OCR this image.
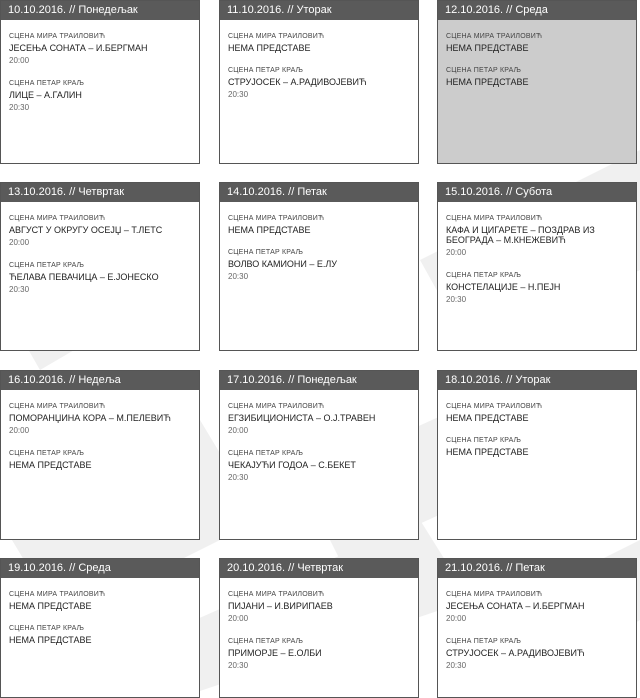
10.10.2016. // Понедељак
СЦЕНА МИРА ТРАИЛОВИЋ
ЈЕСЕЊА СОНАТА – И.БЕРГМАН
20:00
СЦЕНА ПЕТАР КРАЉ
ЛИЦЕ – А.ГАЛИН
20:30
11.10.2016. // Уторак
СЦЕНА МИРА ТРАИЛОВИЋ
НЕМА ПРЕДСТАВЕ
СЦЕНА ПЕТАР КРАЉ
СТРУЈОСЕК – А.РАДИВОЈЕВИЋ
20:30
12.10.2016. // Среда
СЦЕНА МИРА ТРАИЛОВИЋ
НЕМА ПРЕДСТАВЕ
СЦЕНА ПЕТАР КРАЉ
НЕМА ПРЕДСТАВЕ
13.10.2016. // Четвртак
СЦЕНА МИРА ТРАИЛОВИЋ
АВГУСТ У ОКРУГУ ОСЕЈЏ – Т.ЛЕТС
20:00
СЦЕНА ПЕТАР КРАЉ
ЋЕЛАВА ПЕВАЧИЦА – Е.ЈОНЕСКО
20:30
14.10.2016. // Петак
СЦЕНА МИРА ТРАИЛОВИЋ
НЕМА ПРЕДСТАВЕ
СЦЕНА ПЕТАР КРАЉ
ВОЛВО КАМИОНИ – Е.ЛУ
20:30
15.10.2016. // Субота
СЦЕНА МИРА ТРАИЛОВИЋ
КАФА И ЦИГАРЕТЕ – ПОЗДРАВ ИЗ БЕОГРАДА – М.КНЕЖЕВИЋ
20:00
СЦЕНА ПЕТАР КРАЉ
КОНСТЕЛАЦИЈЕ – Н.ПЕЈН
20:30
16.10.2016. // Недеља
СЦЕНА МИРА ТРАИЛОВИЋ
ПОМОРАНЏИНА КОРА – М.ПЕЛЕВИЋ
20:00
СЦЕНА ПЕТАР КРАЉ
НЕМА ПРЕДСТАВЕ
17.10.2016. // Понедељак
СЦЕНА МИРА ТРАИЛОВИЋ
ЕГЗИБИЦИОНИСТА – О.Ј.ТРАВЕН
20:00
СЦЕНА ПЕТАР КРАЉ
ЧЕКАЈУЋИ ГОДОА – С.БЕКЕТ
20:30
18.10.2016. // Уторак
СЦЕНА МИРА ТРАИЛОВИЋ
НЕМА ПРЕДСТАВЕ
СЦЕНА ПЕТАР КРАЉ
НЕМА ПРЕДСТАВЕ
19.10.2016. // Среда
СЦЕНА МИРА ТРАИЛОВИЋ
НЕМА ПРЕДСТАВЕ
СЦЕНА ПЕТАР КРАЉ
НЕМА ПРЕДСТАВЕ
20.10.2016. // Четвртак
СЦЕНА МИРА ТРАИЛОВИЋ
ПИЈАНИ – И.ВИРИПАЕВ
20:00
СЦЕНА ПЕТАР КРАЉ
ПРИМОРЈЕ – Е.ОЛБИ
20:30
21.10.2016. // Петак
СЦЕНА МИРА ТРАИЛОВИЋ
ЈЕСЕЊА СОНАТА – И.БЕРГМАН
20:00
СЦЕНА ПЕТАР КРАЉ
СТРУЈОСЕК – А.РАДИВОЈЕВИЋ
20:30
